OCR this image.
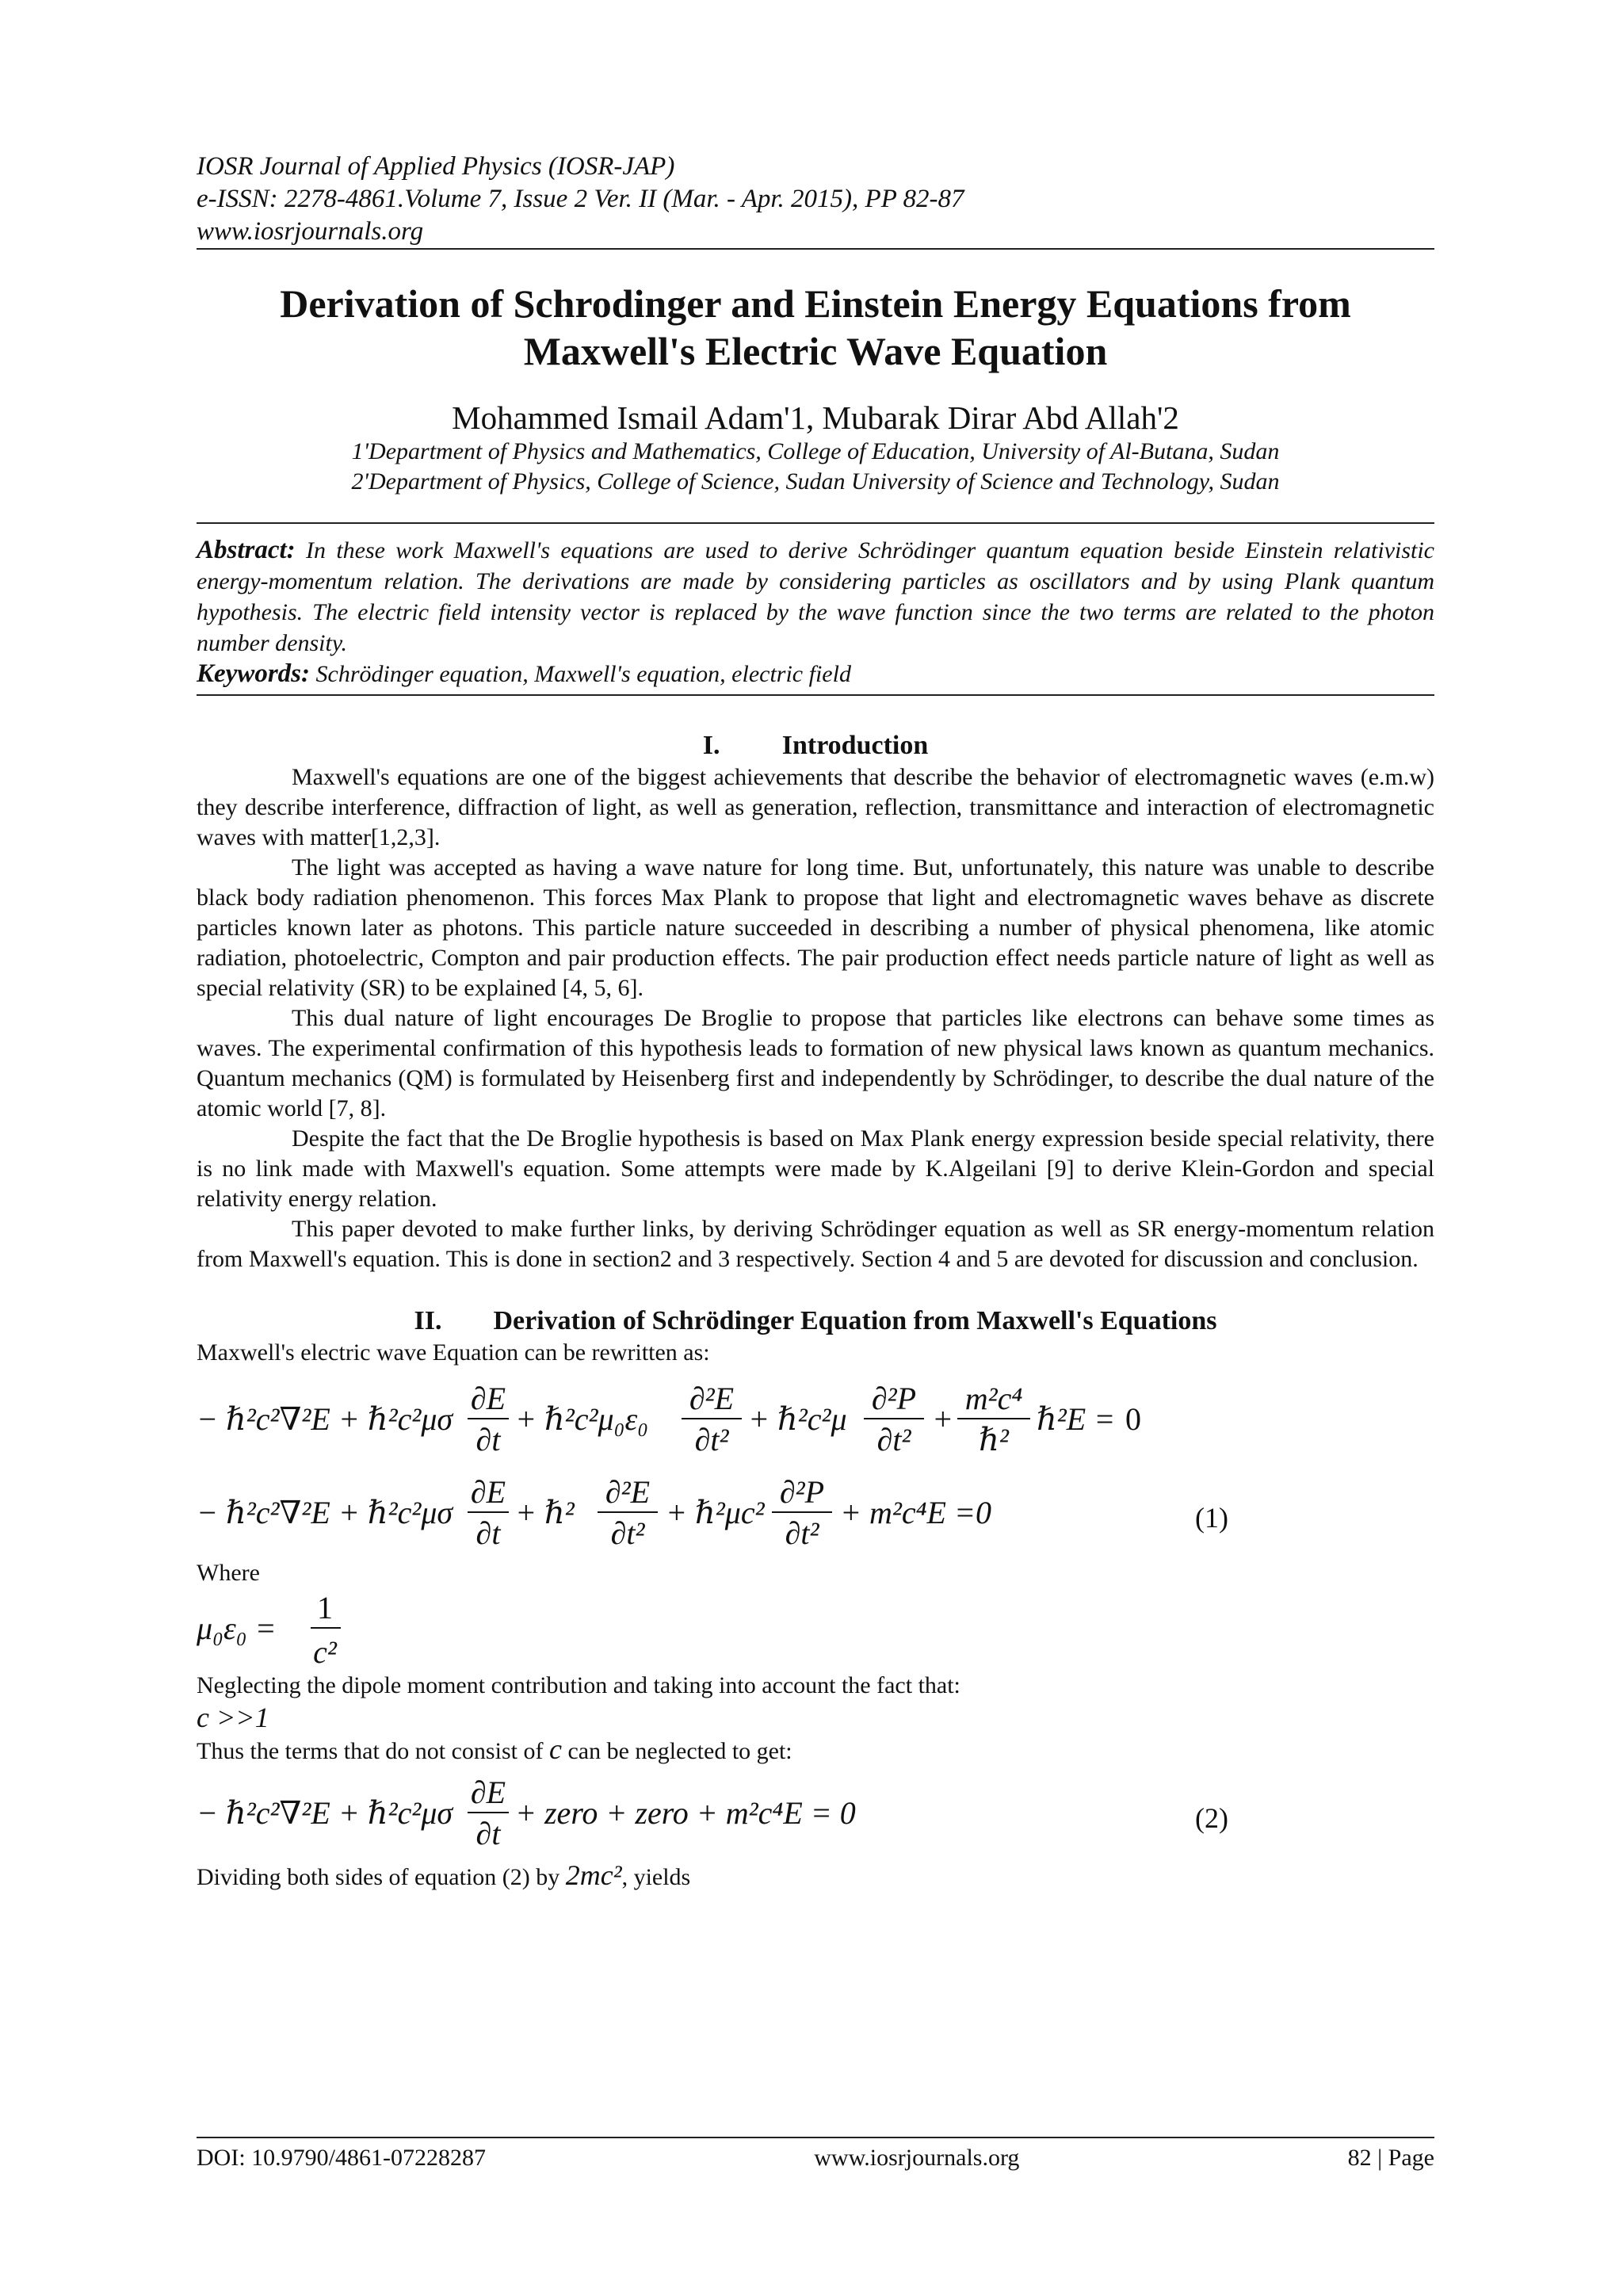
IOSR Journal of Applied Physics (IOSR-JAP)
e-ISSN: 2278-4861.Volume 7, Issue 2 Ver. II (Mar. - Apr. 2015), PP 82-87
www.iosrjournals.org
Derivation of Schrodinger and Einstein Energy Equations from
Maxwell's Electric Wave Equation
Mohammed Ismail Adam'1, Mubarak Dirar Abd Allah'2
1'Department of Physics and Mathematics, College of Education, University of Al-Butana, Sudan
2'Department of Physics, College of Science, Sudan University of Science and Technology, Sudan
Abstract: In these work Maxwell's equations are used to derive Schrödinger quantum equation beside Einstein relativistic energy-momentum relation. The derivations are made by considering particles as oscillators and by using Plank quantum hypothesis. The electric field intensity vector is replaced by the wave function since the two terms are related to the photon number density.
Keywords: Schrödinger equation, Maxwell's equation, electric field
I. Introduction

Maxwell's equations are one of the biggest achievements that describe the behavior of electromagnetic waves (e.m.w) they describe interference, diffraction of light, as well as generation, reflection, transmittance and interaction of electromagnetic waves with matter[1,2,3].

The light was accepted as having a wave nature for long time. But, unfortunately, this nature was unable to describe black body radiation phenomenon. This forces Max Plank to propose that light and electromagnetic waves behave as discrete particles known later as photons. This particle nature succeeded in describing a number of physical phenomena, like atomic radiation, photoelectric, Compton and pair production effects. The pair production effect needs particle nature of light as well as special relativity (SR) to be explained [4, 5, 6].

This dual nature of light encourages De Broglie to propose that particles like electrons can behave some times as waves. The experimental confirmation of this hypothesis leads to formation of new physical laws known as quantum mechanics. Quantum mechanics (QM) is formulated by Heisenberg first and independently by Schrödinger, to describe the dual nature of the atomic world [7, 8].

Despite the fact that the De Broglie hypothesis is based on Max Plank energy expression beside special relativity, there is no link made with Maxwell's equation. Some attempts were made by K.Algeilani [9] to derive Klein-Gordon and special relativity energy relation.

This paper devoted to make further links, by deriving Schrödinger equation as well as SR energy-momentum relation from Maxwell's equation. This is done in section2 and 3 respectively. Section 4 and 5 are devoted for discussion and conclusion.

II. Derivation of Schrödinger Equation from Maxwell's Equations

Maxwell's electric wave Equation can be rewritten as:

− ℏ²c²∇²E + ℏ²c²μσ
∂E
∂t
+ ℏ²c²μ₀ε₀
∂²E
∂t²
+ ℏ²c²μ
∂²P
∂t²
+
m²c⁴
ℏ²
ℏ²E = 0
− ℏ²c²∇²E + ℏ²c²μσ
∂E
∂t
+ ℏ²
∂²E
∂t²
+ ℏ²μc²
∂²P
∂t²
+ m²c⁴E =0	(1)

Where

μ₀ε₀ =
1
c²

Neglecting the dipole moment contribution and taking into account the fact that:

c >>1

Thus the terms that do not consist of c can be neglected to get:

− ℏ²c²∇²E + ℏ²c²μσ
∂E
∂t
+ zero + zero + m²c⁴E = 0	(2)

Dividing both sides of equation (2) by 2mc², yields

DOI: 10.9790/4861-07228287	www.iosrjournals.org	82 | Page
